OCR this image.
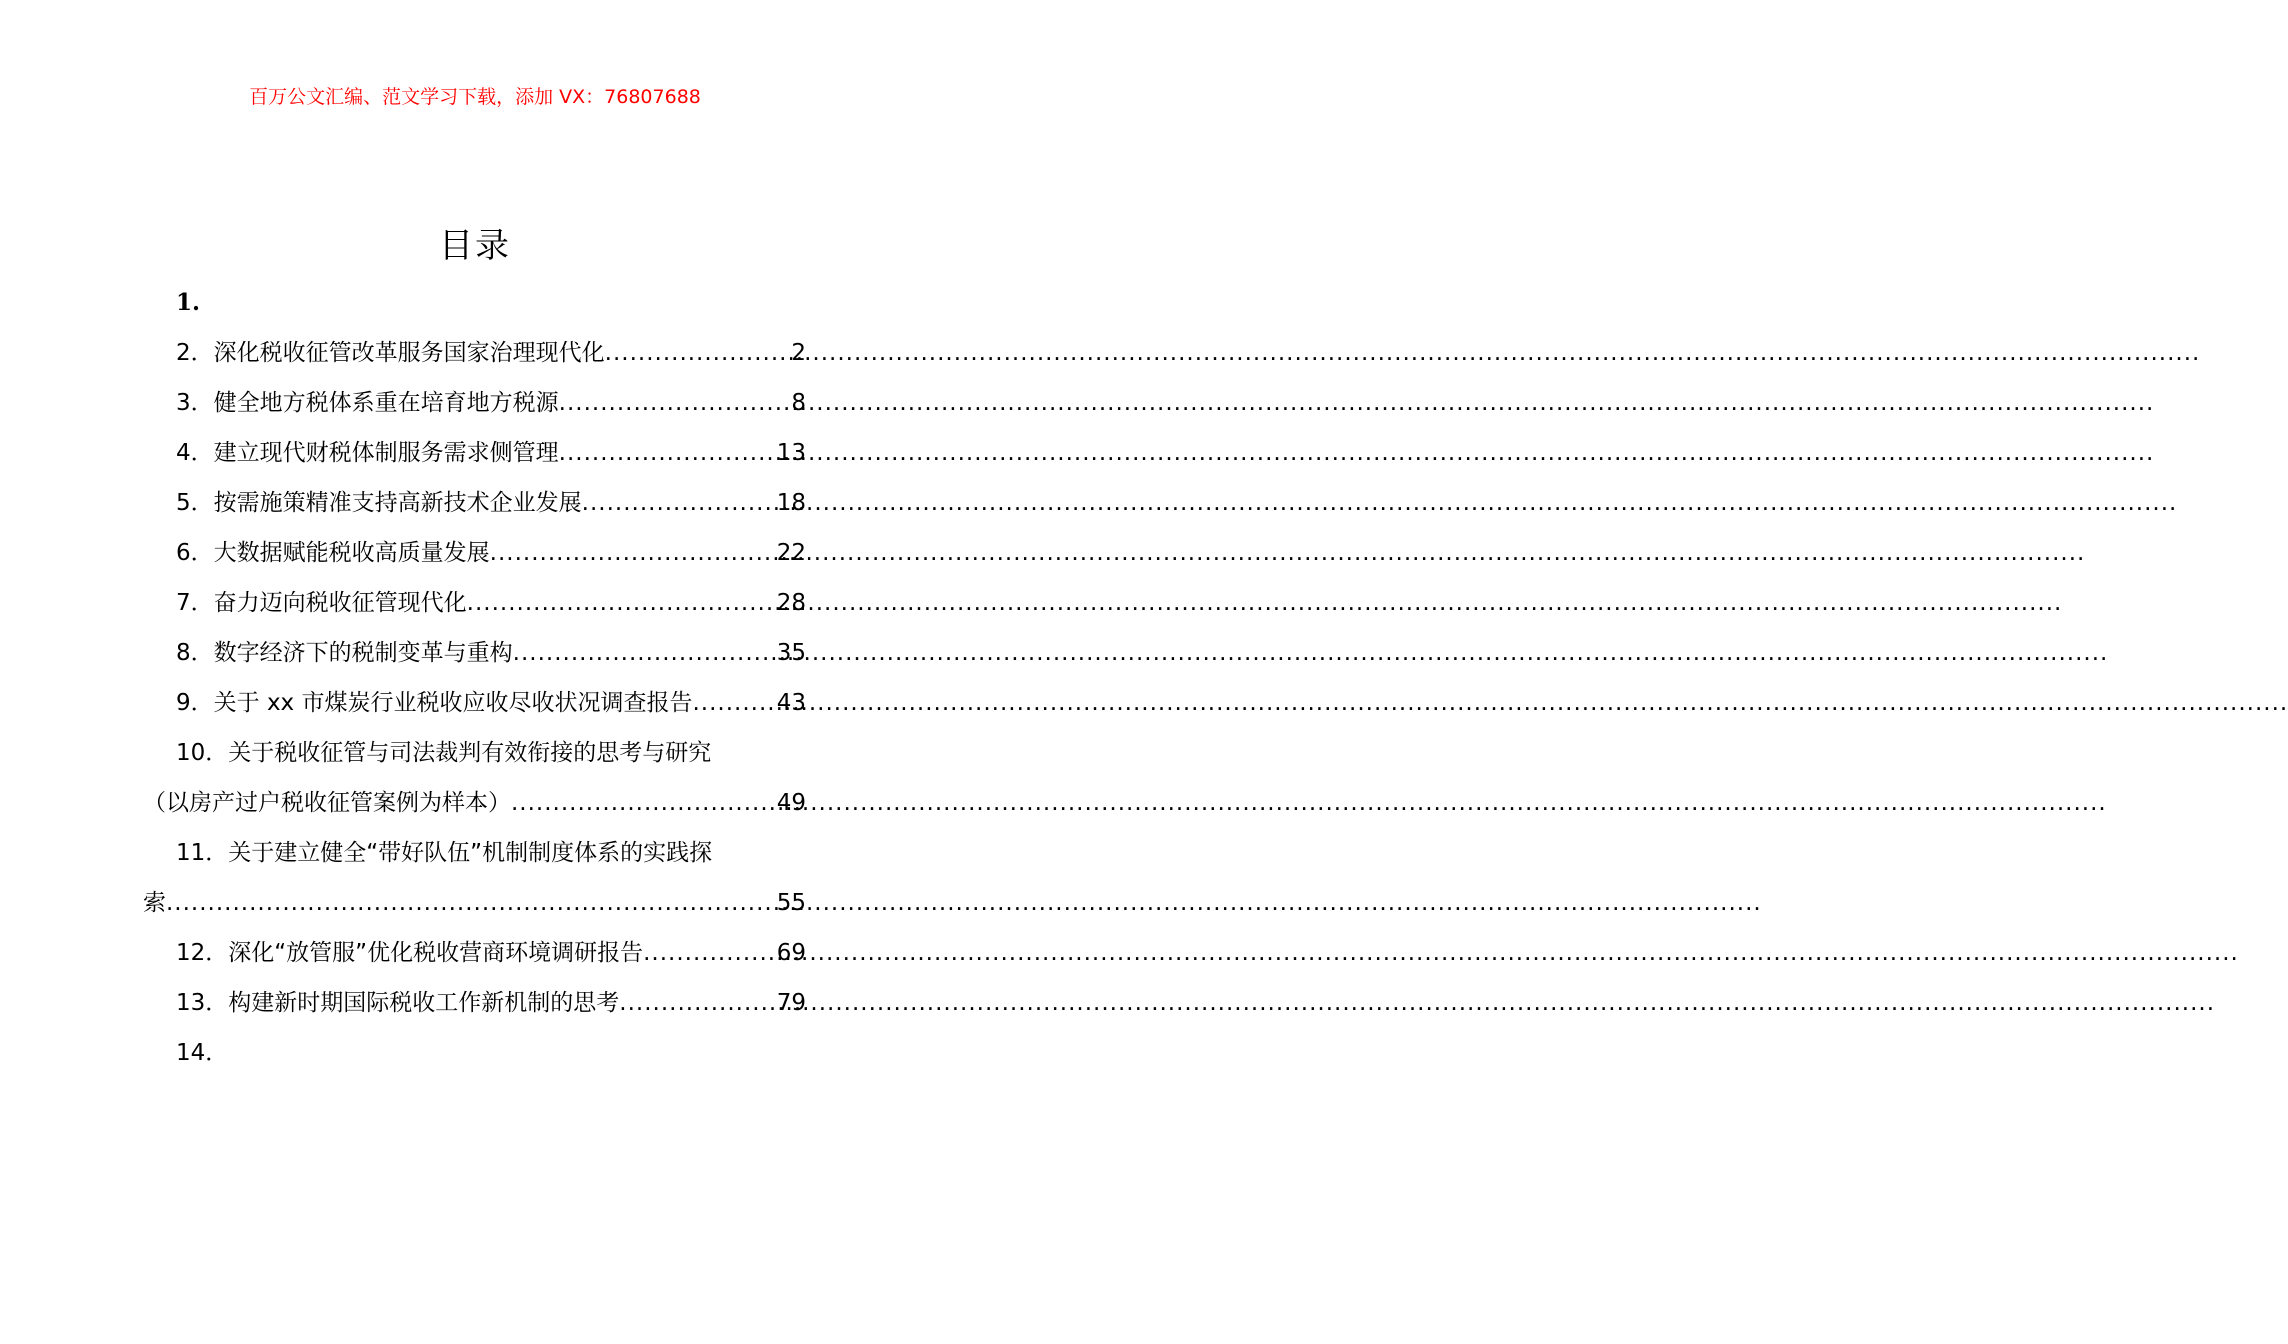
百万公文汇编、范文学习下载，添加 VX：76807688
目录
1.
2．深化税收征管改革服务国家治理现代化 .....	2
3．健全地方税体系重在培育地方税源 .....	8
4．建立现代财税体制服务需求侧管理 .....	13
5．按需施策精准支持高新技术企业发展 .....	18
6．大数据赋能税收高质量发展 .....	22
7．奋力迈向税收征管现代化 .....	28
8．数字经济下的税制变革与重构 .....	35
9．关于 xx 市煤炭行业税收应收尽收状况调查报告 .....	43
10．关于税收征管与司法裁判有效衔接的思考与研究
（以房产过户税收征管案例为样本） .....	49
11．关于建立健全“带好队伍”机制制度体系的实践探
索 .....	55
12．深化“放管服”优化税收营商环境调研报告 .....	69
13．构建新时期国际税收工作新机制的思考 .....	79
14．
